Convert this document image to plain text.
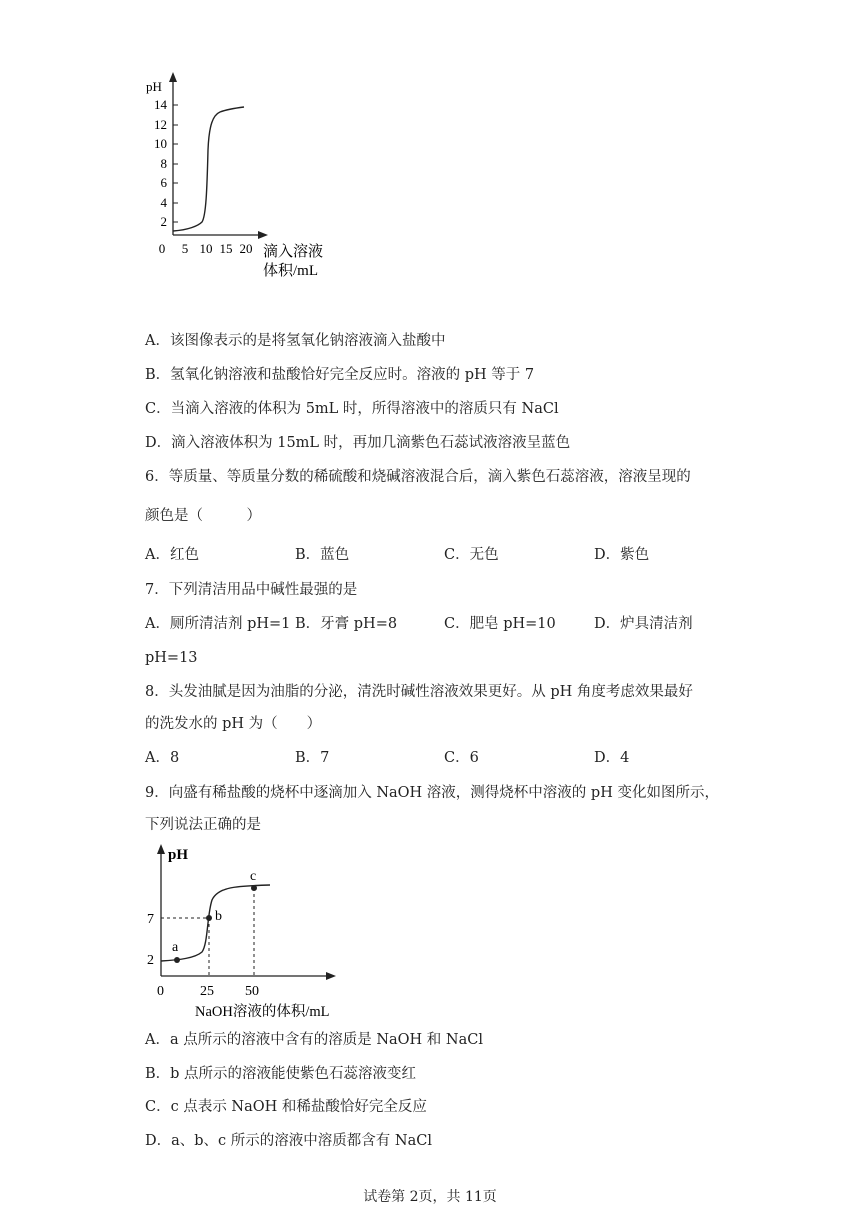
pH
14
12
10
8
6
4
2
0 5 10 15 20 滴入溶液
体积/mL
A．该图像表示的是将氢氧化钠溶液滴入盐酸中
B．氢氧化钠溶液和盐酸恰好完全反应时。溶液的 pH 等于 7
C．当滴入溶液的体积为 5mL 时，所得溶液中的溶质只有 NaCl
D．滴入溶液体积为 15mL 时，再加几滴紫色石蕊试液溶液呈蓝色
6．等质量、等质量分数的稀硫酸和烧碱溶液混合后，滴入紫色石蕊溶液，溶液呈现的
颜色是（　　　）
A．红色	B．蓝色	C．无色	D．紫色
7．下列清洁用品中碱性最强的是
A．厕所清洁剂 pH=1 B．牙膏 pH=8	C．肥皂 pH=10	D．炉具清洁剂
pH=13
8．头发油腻是因为油脂的分泌，清洗时碱性溶液效果更好。从 pH 角度考虑效果最好
的洗发水的 pH 为（　　）
A．8	B．7	C．6	D．4
9．向盛有稀盐酸的烧杯中逐滴加入 NaOH 溶液，测得烧杯中溶液的 pH 变化如图所示，
下列说法正确的是
pH
7
2
a
b
c
0	25 50
NaOH溶液的体积/mL
A．a 点所示的溶液中含有的溶质是 NaOH 和 NaCl
B．b 点所示的溶液能使紫色石蕊溶液变红
C．c 点表示 NaOH 和稀盐酸恰好完全反应
D．a、b、c 所示的溶液中溶质都含有 NaCl
试卷第 2页，共 11页
